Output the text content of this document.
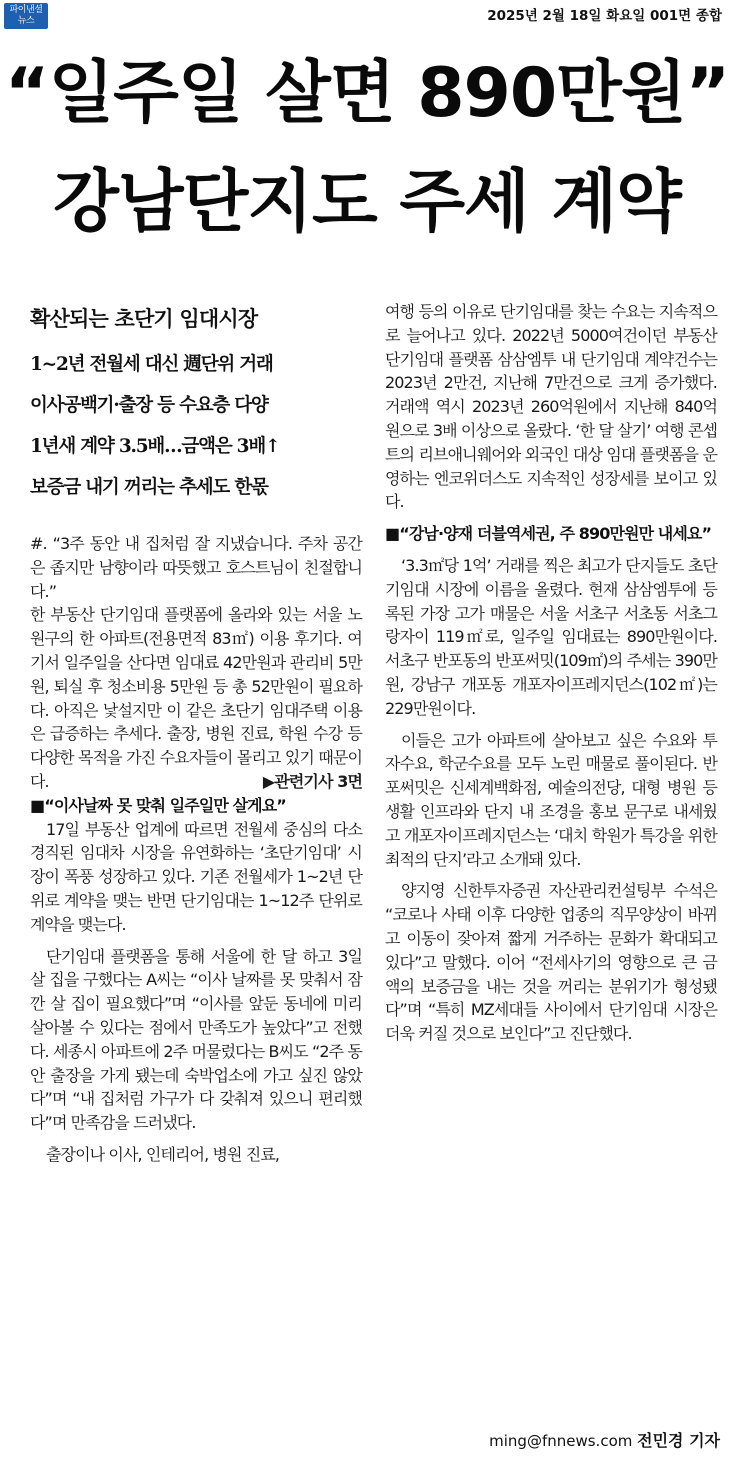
파이낸셜
뉴스	2025년 2월 18일 화요일 001면 종합
“일주일 살면 890만원”
강남단지도 주세 계약
확산되는 초단기 임대시장
1~2년 전월세 대신 週단위 거래
이사공백기·출장 등 수요층 다양
1년새 계약 3.5배…금액은 3배↑
보증금 내기 꺼리는 추세도 한몫

#. “3주 동안 내 집처럼 잘 지냈습니다. 주차 공간은 좁지만 남향이라 따뜻했고 호스트님이 친절합니다.”

한 부동산 단기임대 플랫폼에 올라와 있는 서울 노원구의 한 아파트(전용면적 83㎡) 이용 후기다. 여기서 일주일을 산다면 임대료 42만원과 관리비 5만원, 퇴실 후 청소비용 5만원 등 총 52만원이 필요하다. 아직은 낯설지만 이 같은 초단기 임대주택 이용은 급증하는 추세다. 출장, 병원 진료, 학원 수강 등 다양한 목적을 가진 수요자들이 몰리고 있기 때문이다.	▶관련기사 3면

■“이사날짜 못 맞춰 일주일만 살게요”

17일 부동산 업계에 따르면 전월세 중심의 다소 경직된 임대차 시장을 유연화하는 ‘초단기임대’ 시장이 폭풍 성장하고 있다. 기존 전월세가 1~2년 단위로 계약을 맺는 반면 단기임대는 1~12주 단위로 계약을 맺는다.

단기임대 플랫폼을 통해 서울에 한 달 하고 3일 살 집을 구했다는 A씨는 “이사 날짜를 못 맞춰서 잠깐 살 집이 필요했다”며 “이사를 앞둔 동네에 미리 살아볼 수 있다는 점에서 만족도가 높았다”고 전했다. 세종시 아파트에 2주 머물렀다는 B씨도 “2주 동안 출장을 가게 됐는데 숙박업소에 가고 싶진 않았다”며 “내 집처럼 가구가 다 갖춰져 있으니 편리했다”며 만족감을 드러냈다.

출장이나 이사, 인테리어, 병원 진료,

여행 등의 이유로 단기임대를 찾는 수요는 지속적으로 늘어나고 있다. 2022년 5000여건이던 부동산 단기임대 플랫폼 삼삼엠투 내 단기임대 계약건수는 2023년 2만건, 지난해 7만건으로 크게 증가했다. 거래액 역시 2023년 260억원에서 지난해 840억원으로 3배 이상으로 올랐다. ‘한 달 살기’ 여행 콘셉트의 리브애니웨어와 외국인 대상 임대 플랫폼을 운영하는 엔코위더스도 지속적인 성장세를 보이고 있다.

■“강남·양재 더블역세권, 주 890만원만 내세요”

‘3.3㎡당 1억’ 거래를 찍은 최고가 단지들도 초단기임대 시장에 이름을 올렸다. 현재 삼삼엠투에 등록된 가장 고가 매물은 서울 서초구 서초동 서초그랑자이 119㎡로, 일주일 임대료는 890만원이다. 서초구 반포동의 반포써밋(109㎡)의 주세는 390만원, 강남구 개포동 개포자이프레지던스(102㎡)는 229만원이다.

이들은 고가 아파트에 살아보고 싶은 수요와 투자수요, 학군수요를 모두 노린 매물로 풀이된다. 반포써밋은 신세계백화점, 예술의전당, 대형 병원 등 생활 인프라와 단지 내 조경을 홍보 문구로 내세웠고 개포자이프레지던스는 ‘대치 학원가 특강을 위한 최적의 단지’라고 소개돼 있다.

양지영 신한투자증권 자산관리컨설팅부 수석은 “코로나 사태 이후 다양한 업종의 직무양상이 바뀌고 이동이 잦아져 짧게 거주하는 문화가 확대되고 있다”고 말했다. 이어 “전세사기의 영향으로 큰 금액의 보증금을 내는 것을 꺼리는 분위기가 형성됐다”며 “특히 MZ세대들 사이에서 단기임대 시장은 더욱 커질 것으로 보인다”고 진단했다.

ming@fnnews.com 전민경 기자
